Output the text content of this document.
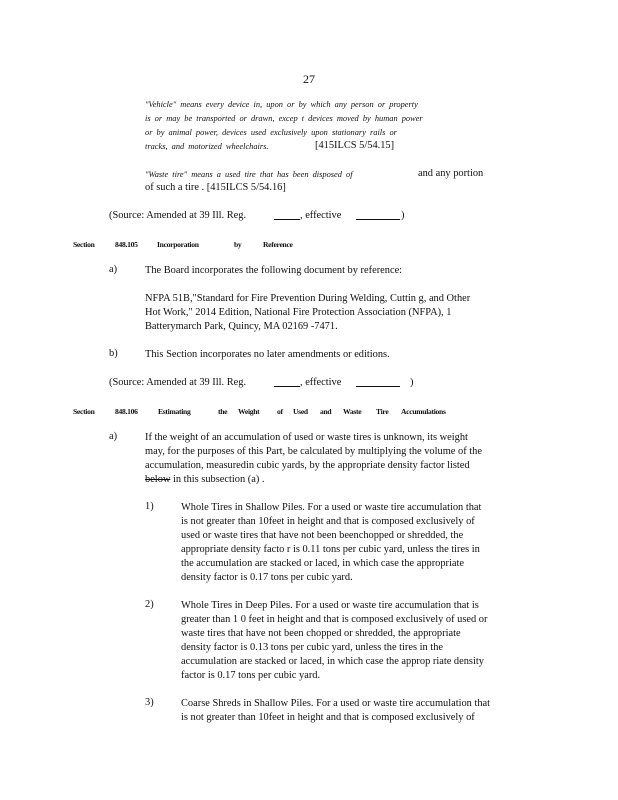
27
"Vehicle" means every device in, upon or by which any person or property
is or may be transported or drawn, excep t devices moved by human power
or by animal power, devices used exclusively upon stationary rails or
tracks, and motorized wheelchairs.	[415ILCS 5/54.15]
"Waste tire" means a used tire that has been disposed of	and any portion
of such a tire . [415ILCS 5/54.16]
(Source: Amended at 39 Ill. Reg.	, effective	)
Section	848.105	Incorporation	by	Reference
a)	The Board incorporates the following document by reference:
NFPA 51B,"Standard for Fire Prevention During Welding, Cuttin g, and Other
Hot Work," 2014 Edition, National Fire Protection Association (NFPA), 1
Batterymarch Park, Quincy, MA 02169 -7471.
b)	This Section incorporates no later amendments or editions.
(Source: Amended at 39 Ill. Reg.	, effective	)
Section	848.106	Estimating	the Weight of Used and Waste Tire Accumulations
a)	If the weight of an accumulation of used or waste tires is unknown, its weight
may, for the purposes of this Part, be calculated by multiplying the volume of the
accumulation, measuredin cubic yards, by the appropriate density factor listed
below in this subsection (a) .
1)	Whole Tires in Shallow Piles. For a used or waste tire accumulation that
is not greater than 10feet in height and that is composed exclusively of
used or waste tires that have not been beenchopped or shredded, the
appropriate density facto r is 0.11 tons per cubic yard, unless the tires in
the accumulation are stacked or laced, in which case the appropriate
density factor is 0.17 tons per cubic yard.
2)	Whole Tires in Deep Piles. For a used or waste tire accumulation that is
greater than 1 0 feet in height and that is composed exclusively of used or
waste tires that have not been chopped or shredded, the appropriate
density factor is 0.13 tons per cubic yard, unless the tires in the
accumulation are stacked or laced, in which case the approp riate density
factor is 0.17 tons per cubic yard.
3)	Coarse Shreds in Shallow Piles. For a used or waste tire accumulation that
is not greater than 10feet in height and that is composed exclusively of
